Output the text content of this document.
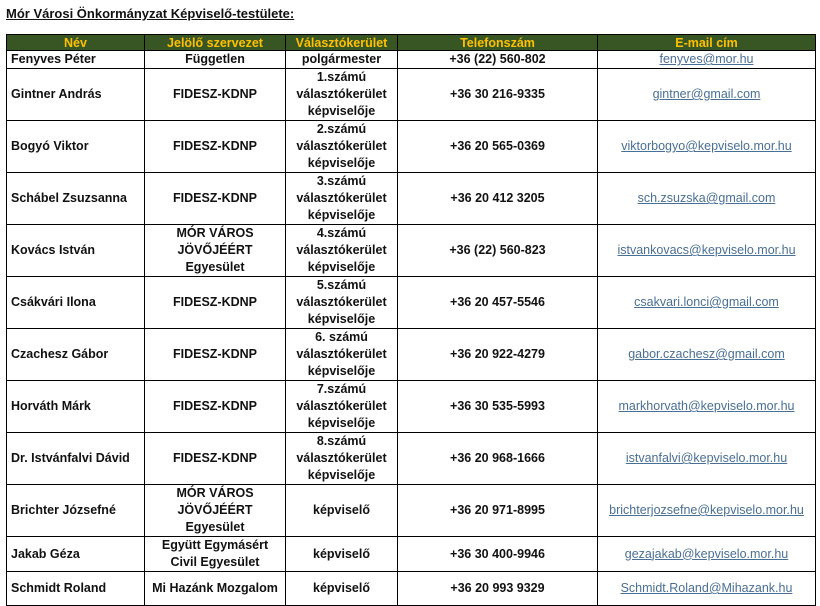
Mór Városi Önkormányzat Képviselő-testülete:
Név	Jelölő szervezet	Választókerület	Telefonszám	E-mail cím
Fenyves Péter	Független	polgármester	+36 (22) 560-802	fenyves@mor.hu
Gintner András	FIDESZ-KDNP	1.számú választókerület képviselője	+36 30 216-9335	gintner@gmail.com
Bogyó Viktor	FIDESZ-KDNP	2.számú választókerület képviselője	+36 20 565-0369	viktorbogyo@kepviselo.mor.hu
Schábel Zsuzsanna	FIDESZ-KDNP	3.számú választókerület képviselője	+36 20 412 3205	sch.zsuzska@gmail.com
Kovács István	MÓR VÁROS JÖVŐJÉÉRT Egyesület	4.számú választókerület képviselője	+36 (22) 560-823	istvankovacs@kepviselo.mor.hu
Csákvári Ilona	FIDESZ-KDNP	5.számú választókerület képviselője	+36 20 457-5546	csakvari.lonci@gmail.com
Czachesz Gábor	FIDESZ-KDNP	6. számú választókerület képviselője	+36 20 922-4279	gabor.czachesz@gmail.com
Horváth Márk	FIDESZ-KDNP	7.számú választókerület képviselője	+36 30 535-5993	markhorvath@kepviselo.mor.hu
Dr. Istvánfalvi Dávid	FIDESZ-KDNP	8.számú választókerület képviselője	+36 20 968-1666	istvanfalvi@kepviselo.mor.hu
Brichter Józsefné	MÓR VÁROS JÖVŐJÉÉRT Egyesület	képviselő	+36 20 971-8995	brichterjozsefne@kepviselo.mor.hu
Jakab Géza	Együtt Egymásért Civil Egyesület	képviselő	+36 30 400-9946	gezajakab@kepviselo.mor.hu
Schmidt Roland	Mi Hazánk Mozgalom	képviselő	+36 20 993 9329	Schmidt.Roland@Mihazank.hu
